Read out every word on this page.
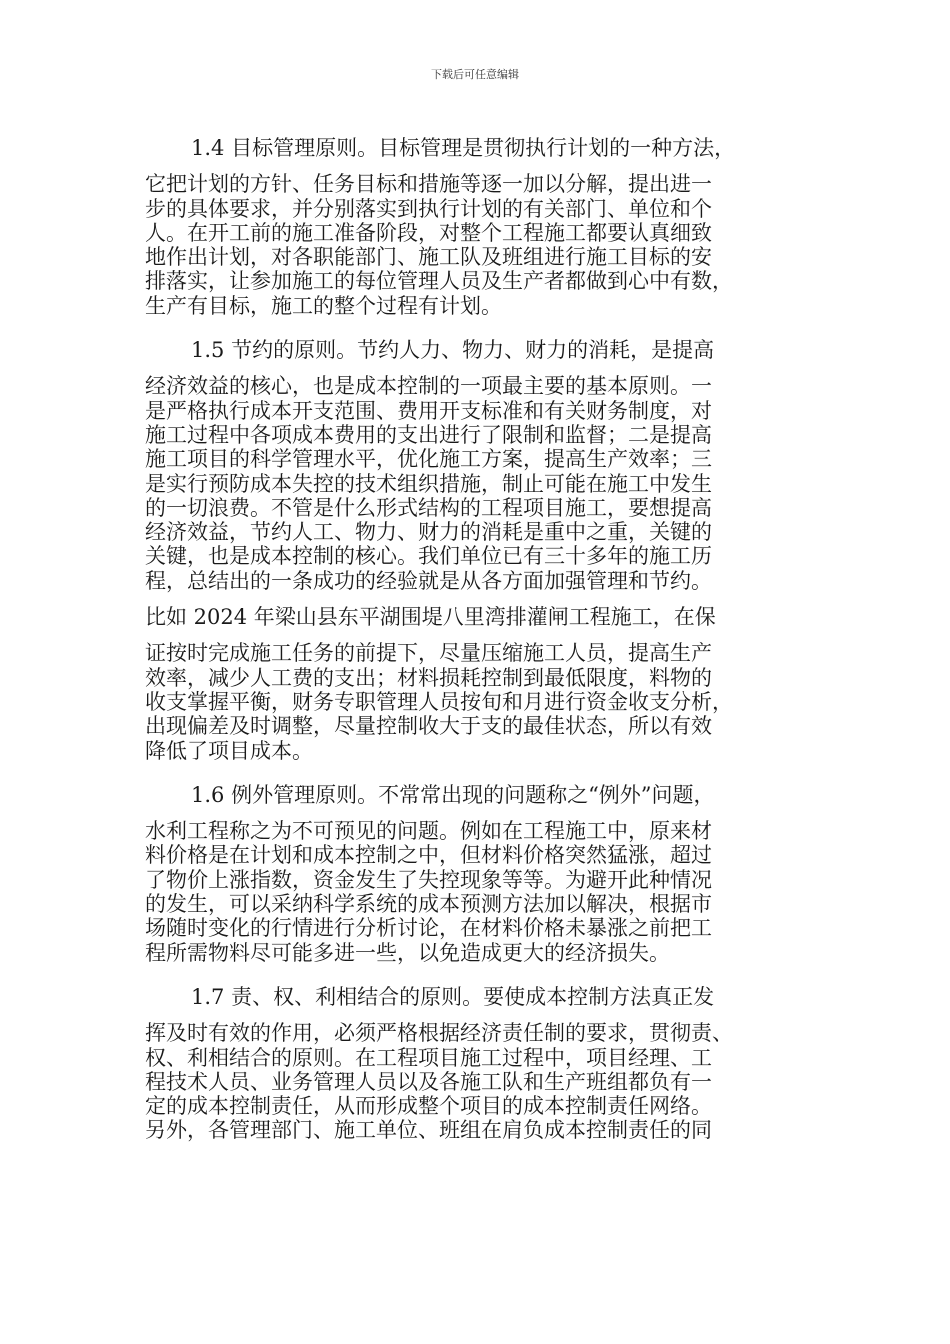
下载后可任意编辑
1.4 目标管理原则。目标管理是贯彻执行计划的一种方法，
它把计划的方针、任务目标和措施等逐一加以分解，提出进一
步的具体要求，并分别落实到执行计划的有关部门、单位和个
人。在开工前的施工准备阶段，对整个工程施工都要认真细致
地作出计划，对各职能部门、施工队及班组进行施工目标的安
排落实，让参加施工的每位管理人员及生产者都做到心中有数，
生产有目标，施工的整个过程有计划。
1.5 节约的原则。节约人力、物力、财力的消耗，是提高
经济效益的核心，也是成本控制的一项最主要的基本原则。一
是严格执行成本开支范围、费用开支标准和有关财务制度，对
施工过程中各项成本费用的支出进行了限制和监督；二是提高
施工项目的科学管理水平，优化施工方案，提高生产效率；三
是实行预防成本失控的技术组织措施，制止可能在施工中发生
的一切浪费。不管是什么形式结构的工程项目施工，要想提高
经济效益，节约人工、物力、财力的消耗是重中之重，关键的
关键，也是成本控制的核心。我们单位已有三十多年的施工历
程，总结出的一条成功的经验就是从各方面加强管理和节约。
比如 2024 年梁山县东平湖围堤八里湾排灌闸工程施工，在保
证按时完成施工任务的前提下，尽量压缩施工人员，提高生产
效率，减少人工费的支出；材料损耗控制到最低限度，料物的
收支掌握平衡，财务专职管理人员按旬和月进行资金收支分析，
出现偏差及时调整，尽量控制收大于支的最佳状态，所以有效
降低了项目成本。
1.6 例外管理原则。不常常出现的问题称之“例外”问题，
水利工程称之为不可预见的问题。例如在工程施工中，原来材
料价格是在计划和成本控制之中，但材料价格突然猛涨，超过
了物价上涨指数，资金发生了失控现象等等。为避开此种情况
的发生，可以采纳科学系统的成本预测方法加以解决，根据市
场随时变化的行情进行分析讨论，在材料价格未暴涨之前把工
程所需物料尽可能多进一些，以免造成更大的经济损失。
1.7 责、权、利相结合的原则。要使成本控制方法真正发
挥及时有效的作用，必须严格根据经济责任制的要求，贯彻责、
权、利相结合的原则。在工程项目施工过程中，项目经理、工
程技术人员、业务管理人员以及各施工队和生产班组都负有一
定的成本控制责任，从而形成整个项目的成本控制责任网络。
另外，各管理部门、施工单位、班组在肩负成本控制责任的同
